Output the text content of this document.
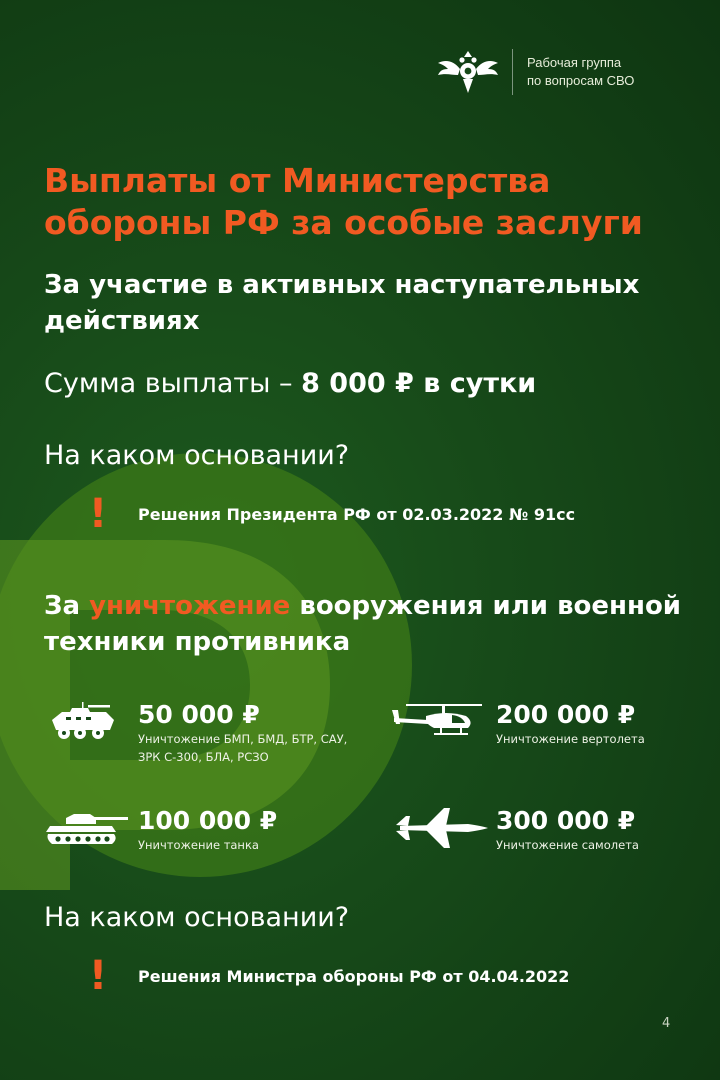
Рабочая группа
по вопросам СВО
Выплаты от Министерства обороны РФ за особые заслуги
За участие в активных наступательных действиях
Сумма выплаты – 8 000 ₽ в сутки
На каком основании?
! Решения Президента РФ от 02.03.2022 № 91сс
За уничтожение вооружения или военной техники противника
50 000 ₽
Уничтожение БМП, БМД, БТР, САУ, ЗРК С-300, БЛА, РСЗО
200 000 ₽
Уничтожение вертолета
100 000 ₽
Уничтожение танка
300 000 ₽
Уничтожение самолета
На каком основании?
! Решения Министра обороны РФ от 04.04.2022
4
